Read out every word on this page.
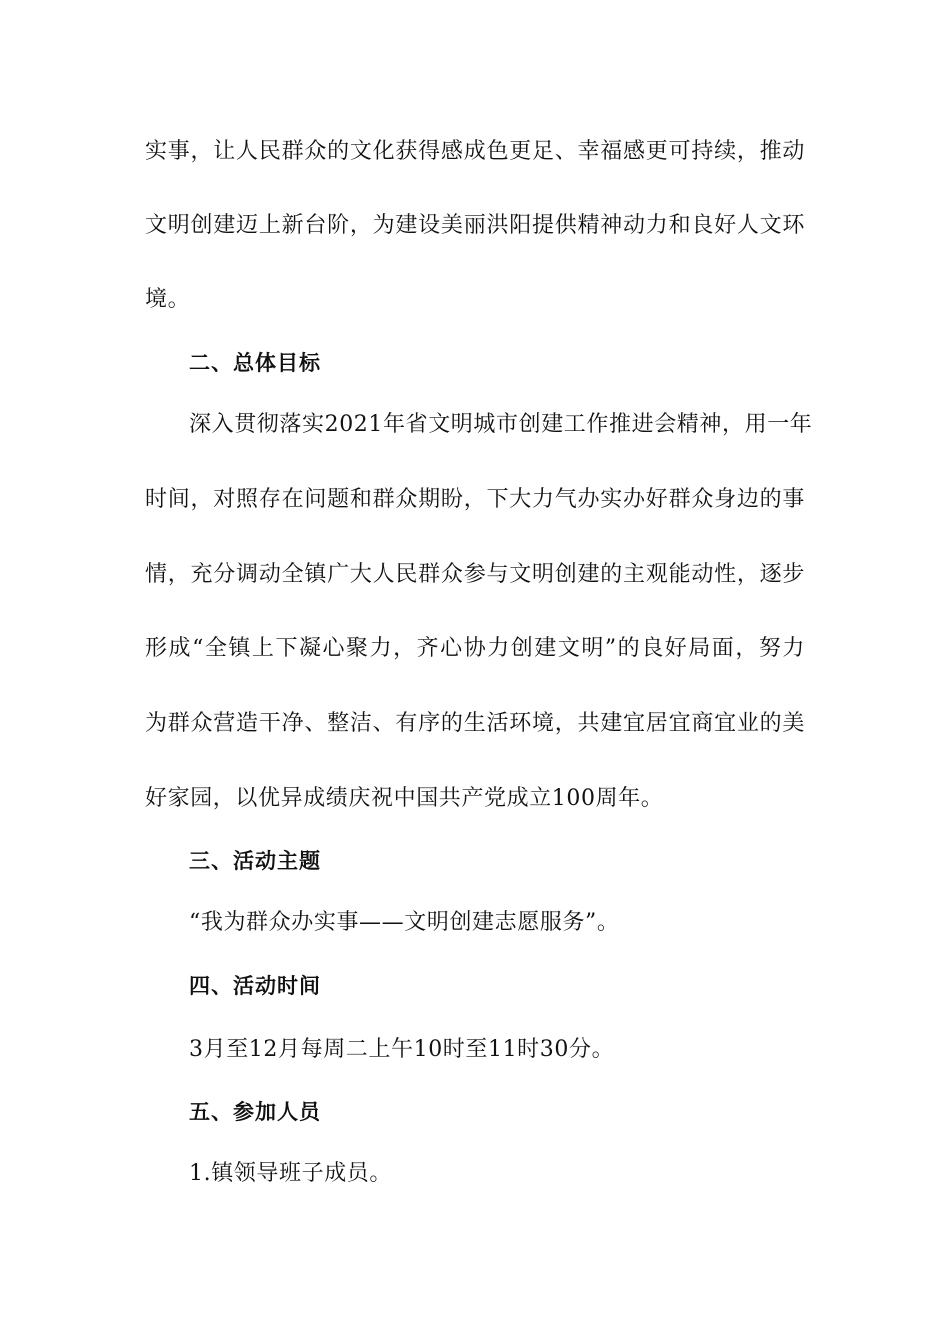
实事，让人民群众的文化获得感成色更足、幸福感更可持续，推动
文明创建迈上新台阶，为建设美丽洪阳提供精神动力和良好人文环
境。
二、总体目标
深入贯彻落实2021年省文明城市创建工作推进会精神，用一年
时间，对照存在问题和群众期盼，下大力气办实办好群众身边的事
情，充分调动全镇广大人民群众参与文明创建的主观能动性，逐步
形成“全镇上下凝心聚力，齐心协力创建文明”的良好局面，努力
为群众营造干净、整洁、有序的生活环境，共建宜居宜商宜业的美
好家园，以优异成绩庆祝中国共产党成立100周年。
三、活动主题
“我为群众办实事——文明创建志愿服务”。
四、活动时间
3月至12月每周二上午10时至11时30分。
五、参加人员
1.镇领导班子成员。
